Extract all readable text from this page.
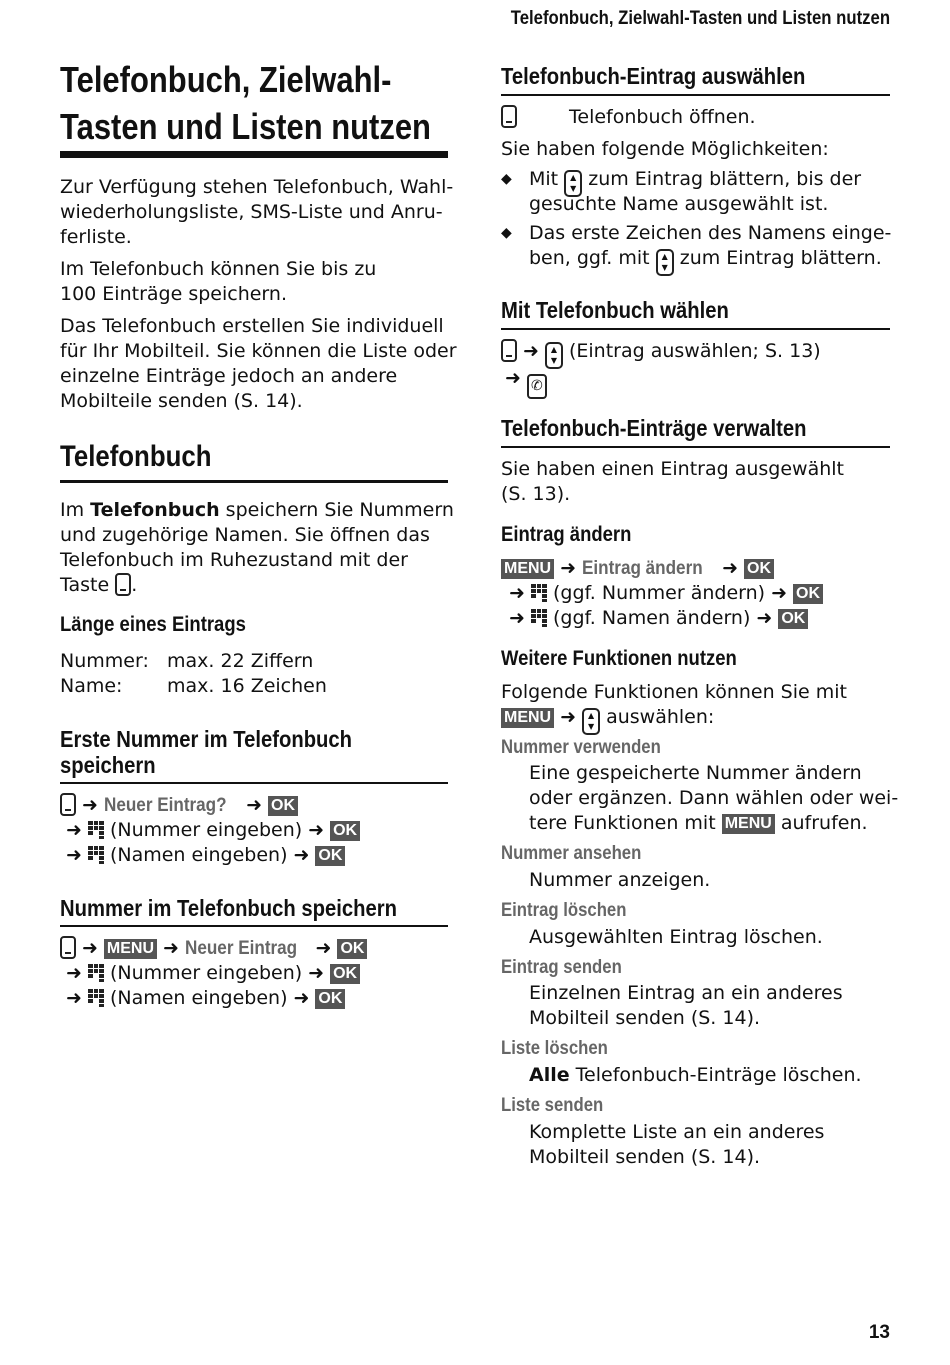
Telefonbuch, Zielwahl-Tasten und Listen nutzen
Telefonbuch, Zielwahl-
Tasten und Listen nutzen
Zur Verfügung stehen Telefonbuch, Wahl-
wiederholungsliste, SMS-Liste und Anru-
ferliste.
Im Telefonbuch können Sie bis zu
100 Einträge speichern.
Das Telefonbuch erstellen Sie individuell
für Ihr Mobilteil. Sie können die Liste oder
einzelne Einträge jedoch an andere
Mobilteile senden (S. 14).
Telefonbuch
Im Telefonbuch speichern Sie Nummern
und zugehörige Namen. Sie öffnen das
Telefonbuch im Ruhezustand mit der
Taste .
Länge eines Eintrags
Nummer: max. 22 Ziffern
Name: max. 16 Zeichen
Erste Nummer im Telefonbuch
speichern
➜ Neuer Eintrag? ➜ OK
➜ (Nummer eingeben) ➜ OK
➜ (Namen eingeben) ➜ OK
Nummer im Telefonbuch speichern
➜ MENU ➜ Neuer Eintrag ➜ OK
➜ (Nummer eingeben) ➜ OK
➜ (Namen eingeben) ➜ OK
Telefonbuch-Eintrag auswählen
Telefonbuch öffnen.
Sie haben folgende Möglichkeiten:
◆ Mit ▲
▼ zum Eintrag blättern, bis der
gesuchte Name ausgewählt ist.
◆ Das erste Zeichen des Namens einge-
ben, ggf. mit ▲
▼ zum Eintrag blättern.
Mit Telefonbuch wählen
➜ ▲
▼ (Eintrag auswählen; S. 13)
➜ ✆
Telefonbuch-Einträge verwalten
Sie haben einen Eintrag ausgewählt
(S. 13).
Eintrag ändern
MENU ➜ Eintrag ändern ➜ OK
➜ (ggf. Nummer ändern) ➜ OK
➜ (ggf. Namen ändern) ➜ OK
Weitere Funktionen nutzen
Folgende Funktionen können Sie mit
MENU ➜ ▲
▼ auswählen:
Nummer verwenden
Eine gespeicherte Nummer ändern
oder ergänzen. Dann wählen oder wei-
tere Funktionen mit MENU aufrufen.
Nummer ansehen
Nummer anzeigen.
Eintrag löschen
Ausgewählten Eintrag löschen.
Eintrag senden
Einzelnen Eintrag an ein anderes
Mobilteil senden (S. 14).
Liste löschen
Alle Telefonbuch-Einträge löschen.
Liste senden
Komplette Liste an ein anderes
Mobilteil senden (S. 14).
13
